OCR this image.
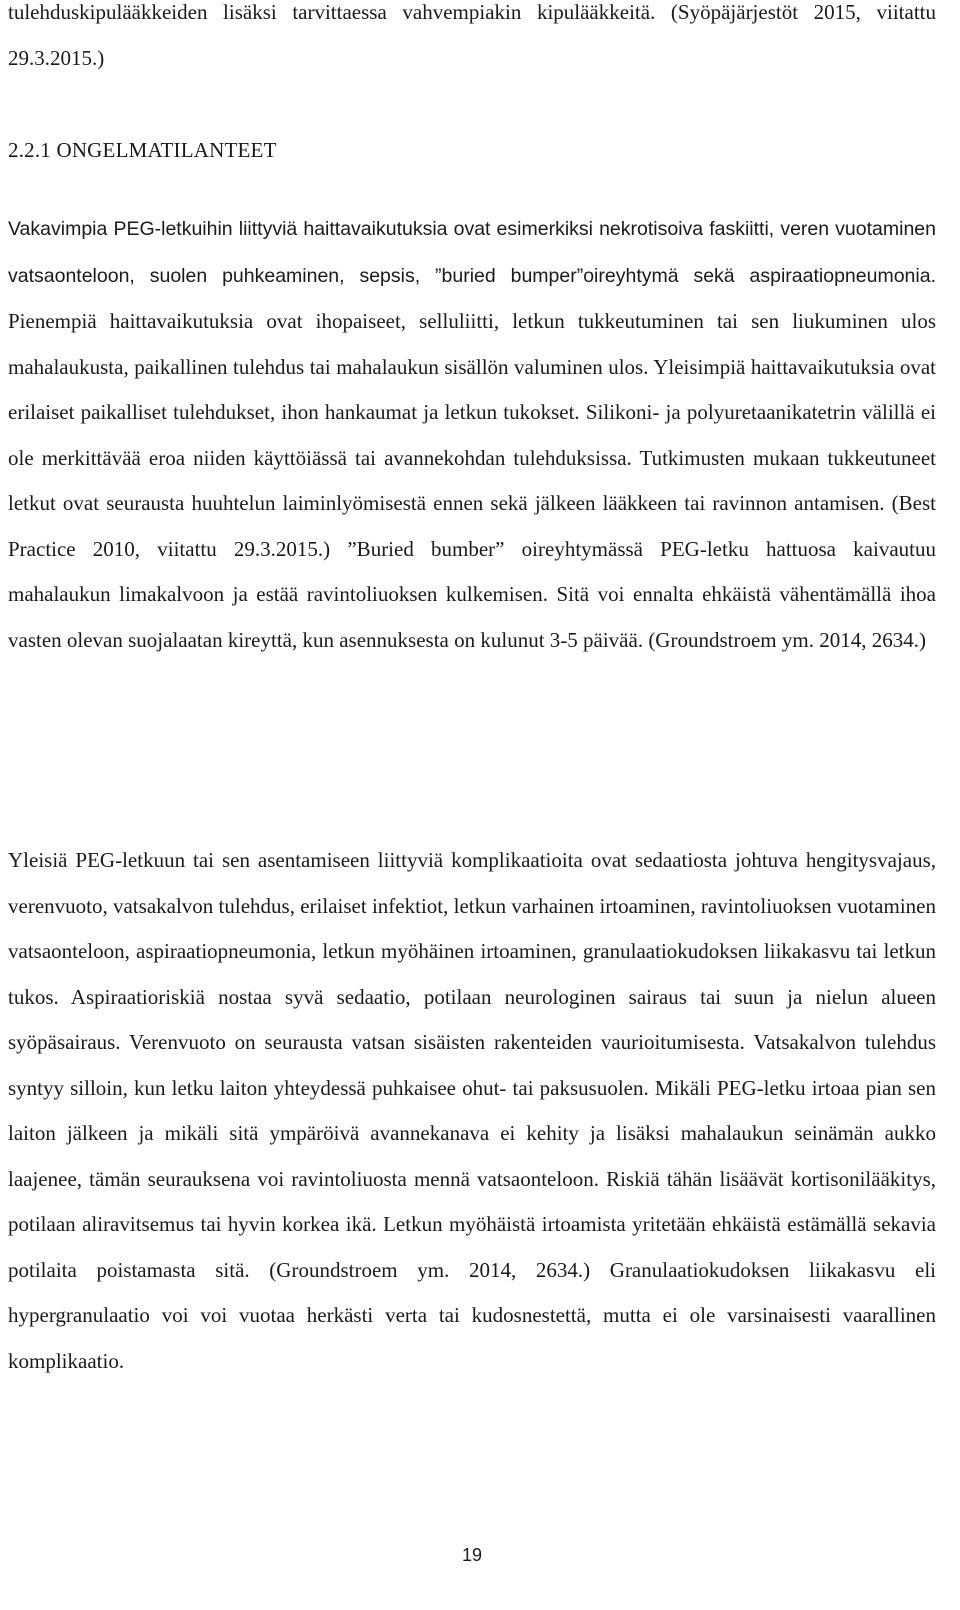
tulehduskipulääkkeiden lisäksi tarvittaessa vahvempiakin kipulääkkeitä. (Syöpäjärjestöt 2015, viitattu 29.3.2015.)

2.2.1 ONGELMATILANTEET

Vakavimpia PEG-letkuihin liittyviä haittavaikutuksia ovat esimerkiksi nekrotisoiva faskiitti, veren vuotaminen vatsaonteloon, suolen puhkeaminen, sepsis, ”buried bumper”oireyhtymä sekä aspiraatiopneumonia. Pienempiä haittavaikutuksia ovat ihopaiseet, selluliitti, letkun tukkeutuminen tai sen liukuminen ulos mahalaukusta, paikallinen tulehdus tai mahalaukun sisällön valuminen ulos. Yleisimpiä haittavaikutuksia ovat erilaiset paikalliset tulehdukset, ihon hankaumat ja letkun tukokset. Silikoni- ja polyuretaanikatetrin välillä ei ole merkittävää eroa niiden käyttöiässä tai avannekohdan tulehduksissa. Tutkimusten mukaan tukkeutuneet letkut ovat seurausta huuhtelun laiminlyömisestä ennen sekä jälkeen lääkkeen tai ravinnon antamisen. (Best Practice 2010, viitattu 29.3.2015.) ”Buried bumber” oireyhtymässä PEG-letku hattuosa kaivautuu mahalaukun limakalvoon ja estää ravintoliuoksen kulkemisen. Sitä voi ennalta ehkäistä vähentämällä ihoa vasten olevan suojalaatan kireyttä, kun asennuksesta on kulunut 3-5 päivää. (Groundstroem ym. 2014, 2634.)

Yleisiä PEG-letkuun tai sen asentamiseen liittyviä komplikaatioita ovat sedaatiosta johtuva hengitysvajaus, verenvuoto, vatsakalvon tulehdus, erilaiset infektiot, letkun varhainen irtoaminen, ravintoliuoksen vuotaminen vatsaonteloon, aspiraatiopneumonia, letkun myöhäinen irtoaminen, granulaatiokudoksen liikakasvu tai letkun tukos. Aspiraatioriskiä nostaa syvä sedaatio, potilaan neurologinen sairaus tai suun ja nielun alueen syöpäsairaus. Verenvuoto on seurausta vatsan sisäisten rakenteiden vaurioitumisesta. Vatsakalvon tulehdus syntyy silloin, kun letku laiton yhteydessä puhkaisee ohut- tai paksusuolen. Mikäli PEG-letku irtoaa pian sen laiton jälkeen ja mikäli sitä ympäröivä avannekanava ei kehity ja lisäksi mahalaukun seinämän aukko laajenee, tämän seurauksena voi ravintoliuosta mennä vatsaonteloon. Riskiä tähän lisäävät kortisonilääkitys, potilaan aliravitsemus tai hyvin korkea ikä. Letkun myöhäistä irtoamista yritetään ehkäistä estämällä sekavia potilaita poistamasta sitä. (Groundstroem ym. 2014, 2634.) Granulaatiokudoksen liikakasvu eli hypergranulaatio voi voi vuotaa herkästi verta tai kudosnestettä, mutta ei ole varsinaisesti vaarallinen komplikaatio.

19
